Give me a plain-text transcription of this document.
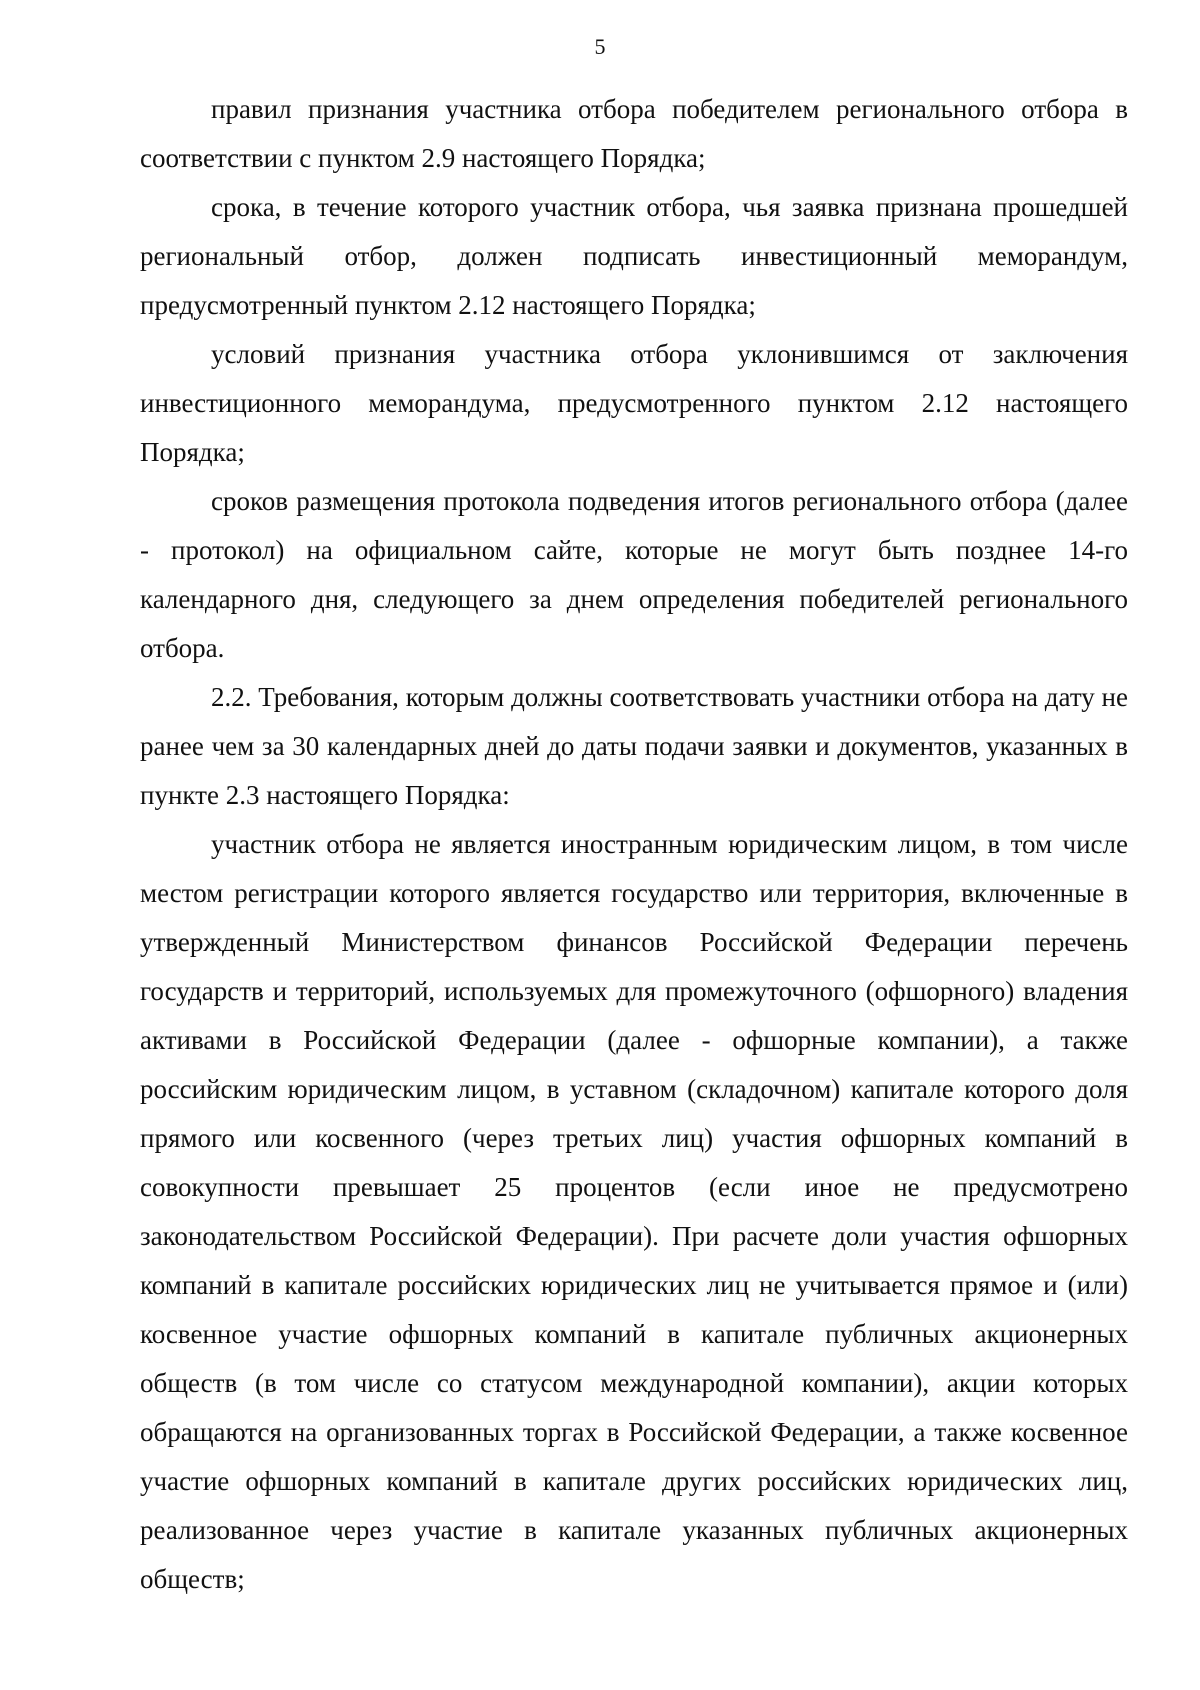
5

правил признания участника отбора победителем регионального отбора в соответствии с пунктом 2.9 настоящего Порядка;

срока, в течение которого участник отбора, чья заявка признана прошедшей региональный отбор, должен подписать инвестиционный меморандум, предусмотренный пунктом 2.12 настоящего Порядка;

условий признания участника отбора уклонившимся от заключения инвестиционного меморандума, предусмотренного пунктом 2.12 настоящего Порядка;

сроков размещения протокола подведения итогов регионального отбора (далее - протокол) на официальном сайте, которые не могут быть позднее 14-го календарного дня, следующего за днем определения победителей регионального отбора.

2.2. Требования, которым должны соответствовать участники отбора на дату не ранее чем за 30 календарных дней до даты подачи заявки и документов, указанных в пункте 2.3 настоящего Порядка:

участник отбора не является иностранным юридическим лицом, в том числе местом регистрации которого является государство или территория, включенные в утвержденный Министерством финансов Российской Федерации перечень государств и территорий, используемых для промежуточного (офшорного) владения активами в Российской Федерации (далее - офшорные компании), а также российским юридическим лицом, в уставном (складочном) капитале которого доля прямого или косвенного (через третьих лиц) участия офшорных компаний в совокупности превышает 25 процентов (если иное не предусмотрено законодательством Российской Федерации). При расчете доли участия офшорных компаний в капитале российских юридических лиц не учитывается прямое и (или) косвенное участие офшорных компаний в капитале публичных акционерных обществ (в том числе со статусом международной компании), акции которых обращаются на организованных торгах в Российской Федерации, а также косвенное участие офшорных компаний в капитале других российских юридических лиц, реализованное через участие в капитале указанных публичных акционерных обществ;
